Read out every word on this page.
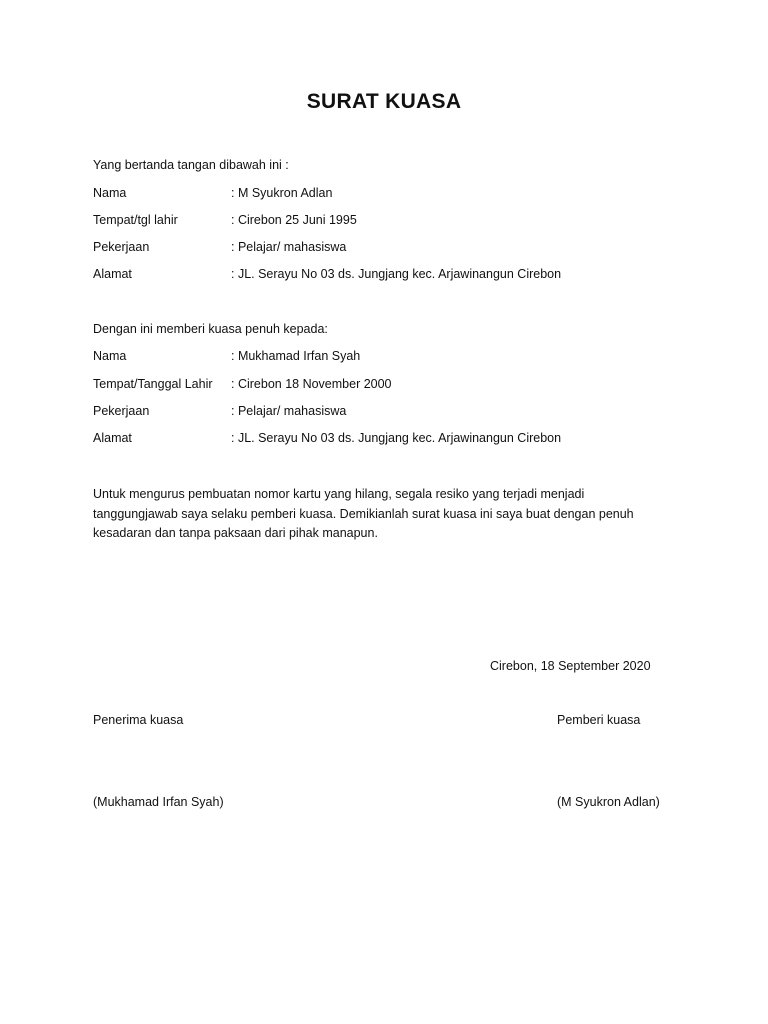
SURAT KUASA
Yang bertanda tangan dibawah ini :
Nama	: M Syukron Adlan
Tempat/tgl lahir	: Cirebon 25 Juni 1995
Pekerjaan	: Pelajar/ mahasiswa
Alamat	: JL. Serayu No 03 ds. Jungjang kec. Arjawinangun Cirebon
Dengan ini memberi kuasa penuh kepada:
Nama	: Mukhamad Irfan Syah
Tempat/Tanggal Lahir : Cirebon 18 November 2000
Pekerjaan	: Pelajar/ mahasiswa
Alamat	: JL. Serayu No 03 ds. Jungjang kec. Arjawinangun Cirebon
Untuk mengurus pembuatan nomor kartu yang hilang, segala resiko yang terjadi menjadi tanggungjawab saya selaku pemberi kuasa. Demikianlah surat kuasa ini saya buat dengan penuh kesadaran dan tanpa paksaan dari pihak manapun.
Cirebon, 18 September 2020
Penerima kuasa	Pemberi kuasa
(Mukhamad Irfan Syah)	(M Syukron Adlan)
